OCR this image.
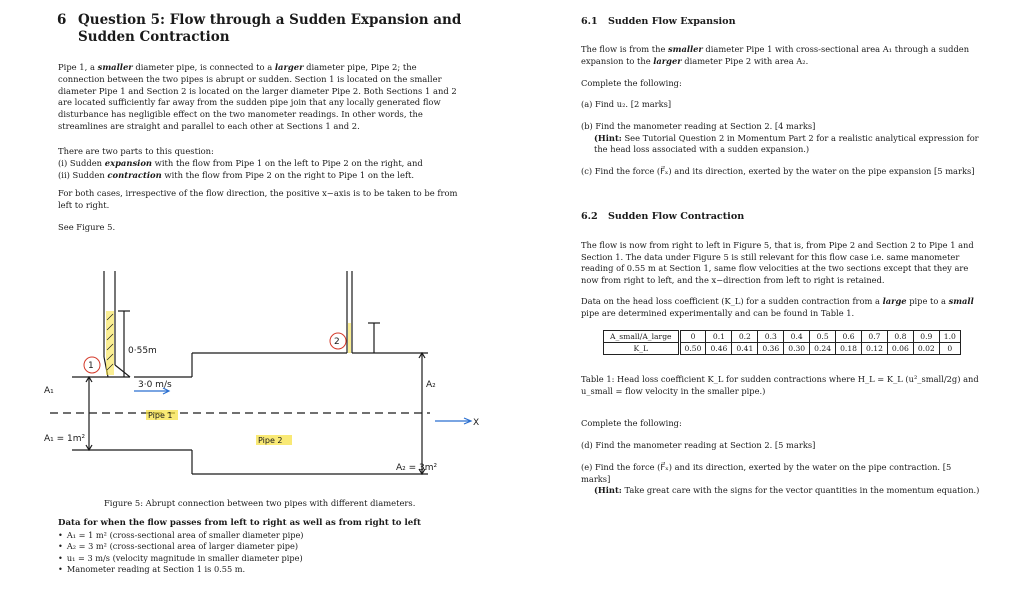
6 Question 5: Flow through a Sudden Expansion and Sudden Contraction

Pipe 1, a smaller diameter pipe, is connected to a larger diameter pipe, Pipe 2; the connection between the two pipes is abrupt or sudden. Section 1 is located on the smaller diameter Pipe 1 and Section 2 is located on the larger diameter Pipe 2. Both Sections 1 and 2 are located sufficiently far away from the sudden pipe join that any locally generated flow disturbance has negligible effect on the two manometer readings. In other words, the streamlines are straight and parallel to each other at Sections 1 and 2.

There are two parts to this question:

(i) Sudden expansion with the flow from Pipe 1 on the left to Pipe 2 on the right, and

(ii) Sudden contraction with the flow from Pipe 2 on the right to Pipe 1 on the left.

For both cases, irrespective of the flow direction, the positive x−axis is to be taken to be from left to right.
See Figure 5.
0·55m
1
2
3·0 m/s
Pipe 1
Pipe 2
A₁
A₁ = 1m²
A₂
A₂ = 3m²
X
Figure 5: Abrupt connection between two pipes with different diameters.
Data for when the flow passes from left to right as well as from right to left
• A₁ = 1 m² (cross-sectional area of smaller diameter pipe)
• A₂ = 3 m² (cross-sectional area of larger diameter pipe)
• u₁ = 3 m/s (velocity magnitude in smaller diameter pipe)
• Manometer reading at Section 1 is 0.55 m.
6.1 Sudden Flow Expansion

The flow is from the smaller diameter Pipe 1 with cross-sectional area A₁ through a sudden expansion to the larger diameter Pipe 2 with area A₂.

Complete the following:
(a) Find u₂. [2 marks]

(b) Find the manometer reading at Section 2. [4 marks]

(Hint: See Tutorial Question 2 in Momentum Part 2 for a realistic analytical expression for the head loss associated with a sudden expansion.)

(c) Find the force (F⃗ₓ) and its direction, exerted by the water on the pipe expansion [5 marks]
6.2 Sudden Flow Contraction
The flow is now from right to left in Figure 5, that is, from Pipe 2 and Section 2 to Pipe 1 and Section 1. The data under Figure 5 is still relevant for this flow case i.e. same manometer reading of 0.55 m at Section 1, same flow velocities at the two sections except that they are now from right to left, and the x−direction from left to right is retained.

Data on the head loss coefficient (K_L) for a sudden contraction from a large pipe to a small pipe are determined experimentally and can be found in Table 1.

A_small/A_large	0	0.1	0.2	0.3	0.4	0.5	0.6	0.7	0.8	0.9	1.0
K_L	0.50	0.46	0.41	0.36	0.30	0.24	0.18	0.12	0.06	0.02	0
Table 1: Head loss coefficient K_L for sudden contractions where H_L = K_L (u²_small/2g) and u_small = flow velocity in the smaller pipe.)
Complete the following:
(d) Find the manometer reading at Section 2. [5 marks]

(e) Find the force (F⃗ₓ) and its direction, exerted by the water on the pipe contraction. [5 marks]

(Hint: Take great care with the signs for the vector quantities in the momentum equation.)
